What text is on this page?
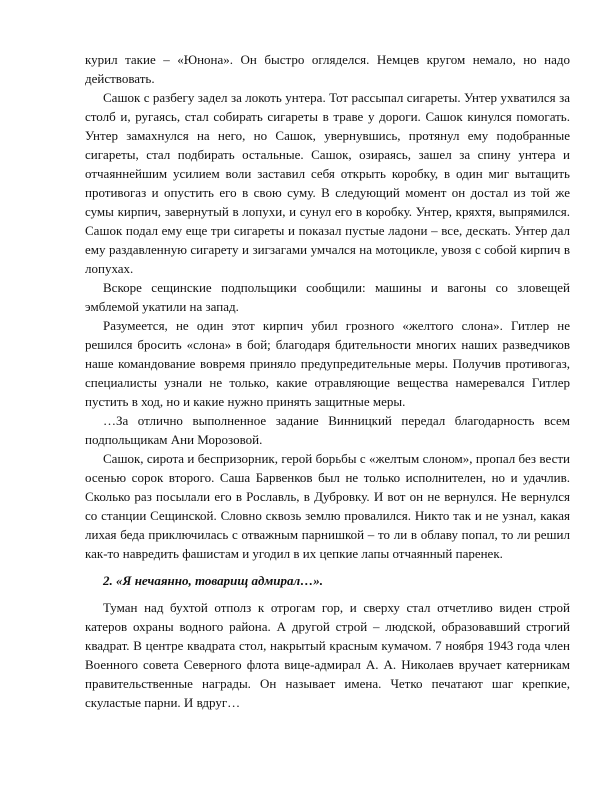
курил такие – «Юнона». Он быстро огляделся. Немцев кругом немало, но надо действовать.

Сашок с разбегу задел за локоть унтера. Тот рассыпал сигареты. Унтер ухватился за столб и, ругаясь, стал собирать сигареты в траве у дороги. Сашок кинулся помогать. Унтер замахнулся на него, но Сашок, увернувшись, протянул ему подобранные сигареты, стал подбирать остальные. Сашок, озираясь, зашел за спину унтера и отчаяннейшим усилием воли заставил себя открыть коробку, в один миг вытащить противогаз и опустить его в свою суму. В следующий момент он достал из той же сумы кирпич, завернутый в лопухи, и сунул его в коробку. Унтер, кряхтя, выпрямился. Сашок подал ему еще три сигареты и показал пустые ладони – все, дескать. Унтер дал ему раздавленную сигарету и зигзагами умчался на мотоцикле, увозя с собой кирпич в лопухах.

Вскоре сещинские подпольщики сообщили: машины и вагоны со зловещей эмблемой укатили на запад.

Разумеется, не один этот кирпич убил грозного «желтого слона». Гитлер не решился бросить «слона» в бой; благодаря бдительности многих наших разведчиков наше командование вовремя приняло предупредительные меры. Получив противогаз, специалисты узнали не только, какие отравляющие вещества намеревался Гитлер пустить в ход, но и какие нужно принять защитные меры.

…За отлично выполненное задание Винницкий передал благодарность всем подпольщикам Ани Морозовой.

Сашок, сирота и беспризорник, герой борьбы с «желтым слоном», пропал без вести осенью сорок второго. Саша Барвенков был не только исполнителен, но и удачлив. Сколько раз посылали его в Рославль, в Дубровку. И вот он не вернулся. Не вернулся со станции Сещинской. Словно сквозь землю провалился. Никто так и не узнал, какая лихая беда приключилась с отважным парнишкой – то ли в облаву попал, то ли решил как-то навредить фашистам и угодил в их цепкие лапы отчаянный паренек.

2. «Я нечаянно, товарищ адмирал…».

Туман над бухтой отполз к отрогам гор, и сверху стал отчетливо виден строй катеров охраны водного района. А другой строй – людской, образовавший строгий квадрат. В центре квадрата стол, накрытый красным кумачом. 7 ноября 1943 года член Военного совета Северного флота вице-адмирал А. А. Николаев вручает катерникам правительственные награды. Он называет имена. Четко печатают шаг крепкие, скуластые парни. И вдруг…
